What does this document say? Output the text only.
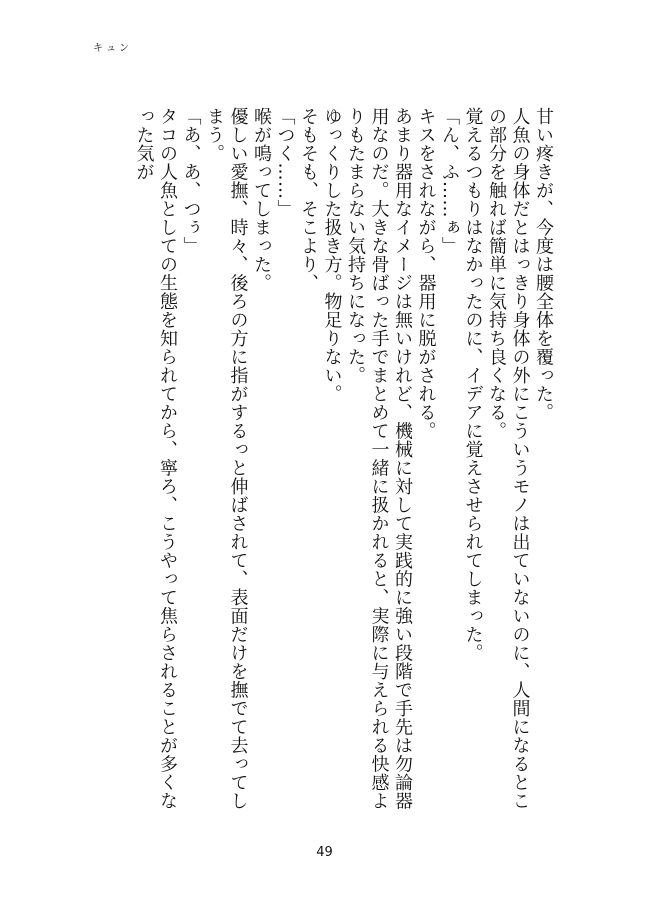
キュン

甘い疼きが、今度は腰全体を覆った。

人魚の身体だとはっきり身体の外にこういうモノは出ていないのに、人間になるとこの部分を触れば簡単に気持ち良くなる。

覚えるつもりはなかったのに、イデアに覚えさせられてしまった。

「ん、ふ……ぁ」

キスをされながら、器用に脱がされる。

あまり器用なイメージは無いけれど、機械に対して実践的に強い段階で手先は勿論器用なのだ。大きな骨ばった手でまとめて一緒に扱かれると、実際に与えられる快感よりもたまらない気持ちになった。

ゆっくりした扱き方。物足りない。

そもそも、そこより、

「つく……」

喉が鳴ってしまった。

優しい愛撫、時々、後ろの方に指がするっと伸ばされて、表面だけを撫でて去ってしまう。

「あ、あ、つぅ」

タコの人魚としての生態を知られてから、寧ろ、こうやって焦らされることが多くなった気が

49
